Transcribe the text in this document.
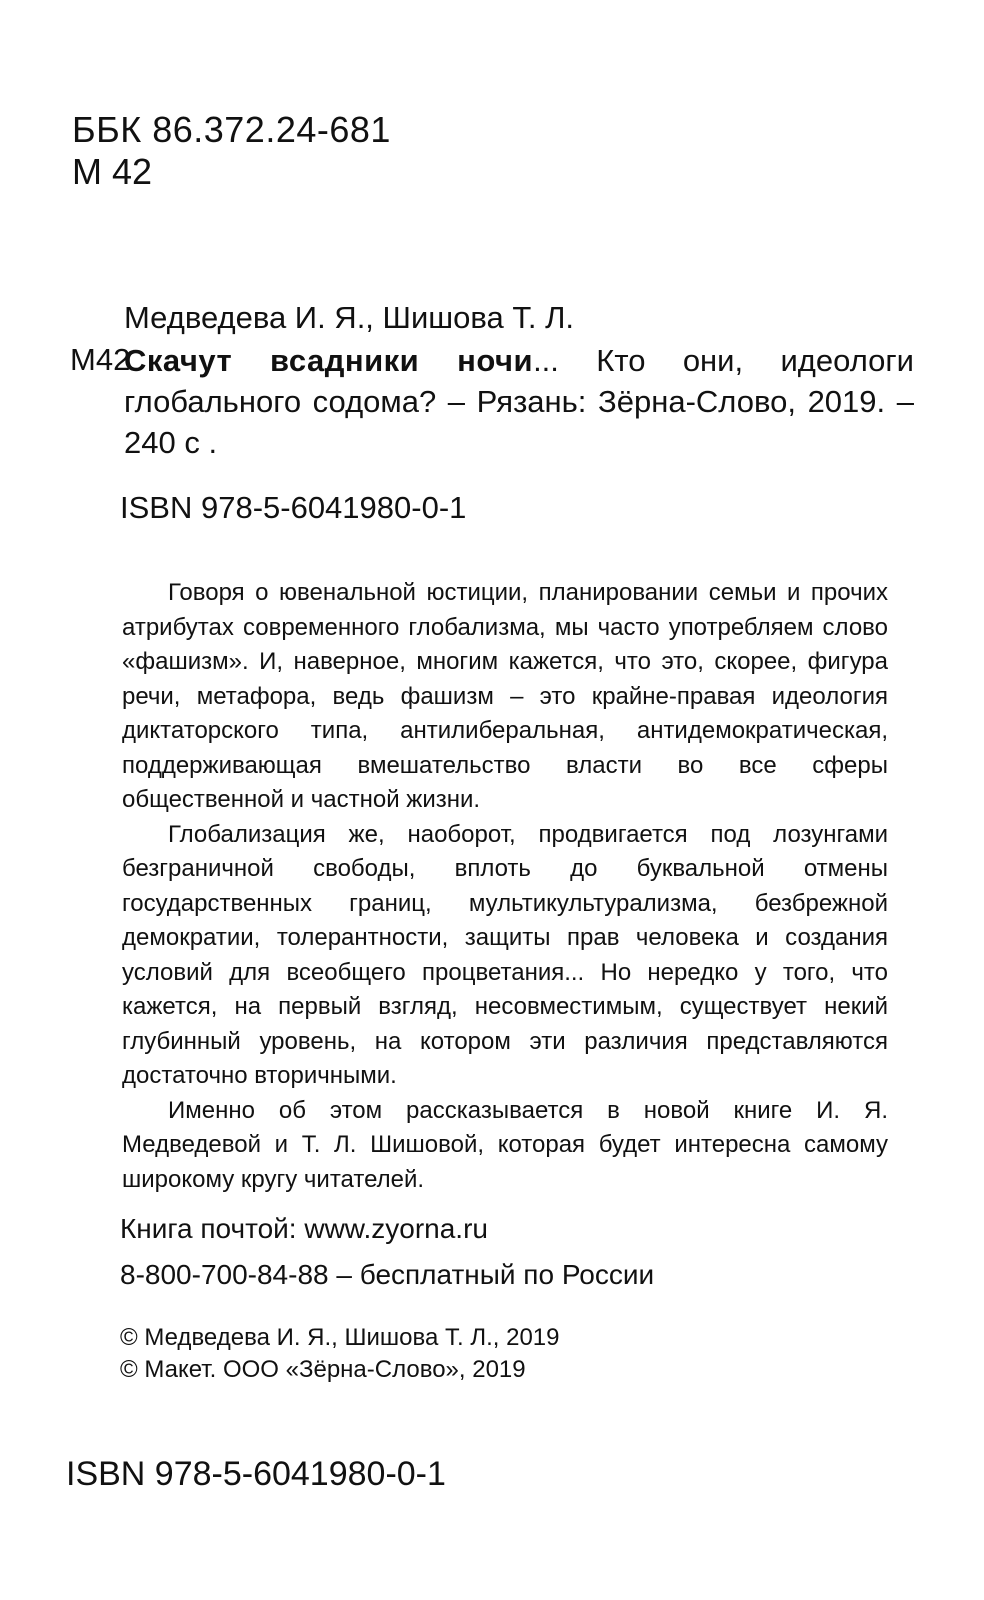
ББК 86.372.24-681
М 42
Медведева И. Я., Шишова Т. Л.
М42
Скачут всадники ночи... Кто они, идеологи глобального содома? – Рязань: Зёрна-Слово, 2019. – 240 с .
ISBN 978-5-6041980-0-1

Говоря о ювенальной юстиции, планировании семьи и прочих атрибутах современного глобализма, мы часто употребляем слово «фашизм». И, наверное, многим кажется, что это, скорее, фигура речи, метафора, ведь фашизм – это крайне-правая идеология диктаторского типа, антилиберальная, антидемократическая, поддерживающая вмешательство власти во все сферы общественной и частной жизни.

Глобализация же, наоборот, продвигается под лозунгами безграничной свободы, вплоть до буквальной отмены государственных границ, мультикультурализма, безбрежной демократии, толерантности, защиты прав человека и создания условий для всеобщего процветания... Но нередко у того, что кажется, на первый взгляд, несовместимым, существует некий глубинный уровень, на котором эти различия представляются достаточно вторичными.

Именно об этом рассказывается в новой книге И. Я. Медведевой и Т. Л. Шишовой, которая будет интересна самому широкому кругу читателей.

Книга почтой: www.zyorna.ru
8-800-700-84-88 – бесплатный по России
© Медведева И. Я., Шишова Т. Л., 2019
© Макет. ООО «Зёрна-Слово», 2019
ISBN 978-5-6041980-0-1
